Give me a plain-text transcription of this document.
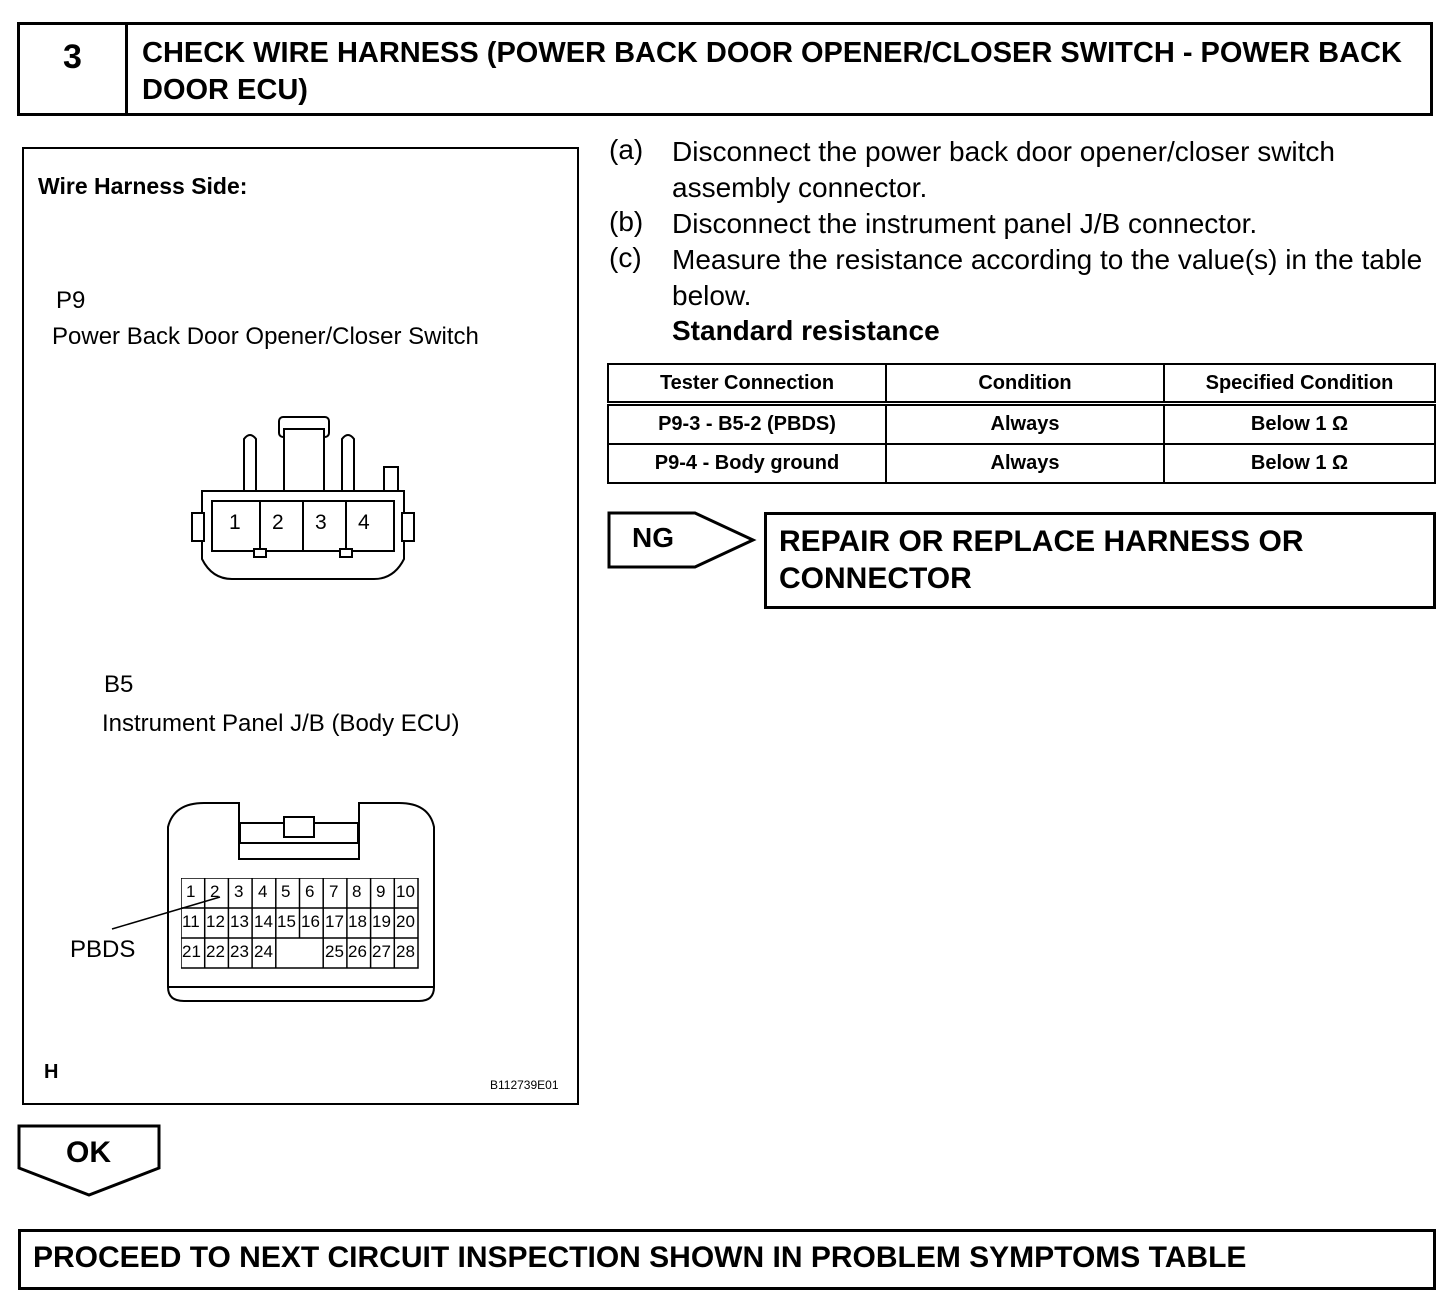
3	CHECK WIRE HARNESS (POWER BACK DOOR OPENER/CLOSER SWITCH - POWER BACK DOOR ECU)
Wire Harness Side:
P9
Power Back Door Opener/Closer Switch
B5
Instrument Panel J/B (Body ECU)
PBDS
H
B112739E01
1 2 3 4
1 2 3 4 5 6 7 8 9 10
11 12 13 14 15 16 17 18 19 20
21 22 23 24	25 26 27 28
(a) Disconnect the power back door opener/closer switch assembly connector.
(b) Disconnect the instrument panel J/B connector.
(c) Measure the resistance according to the value(s) in the table below.
Standard resistance
Tester Connection	Condition	Specified Condition
P9-3 - B5-2 (PBDS)	Always	Below 1 Ω
P9-4 - Body ground	Always	Below 1 Ω
NG	REPAIR OR REPLACE HARNESS OR CONNECTOR
OK
PROCEED TO NEXT CIRCUIT INSPECTION SHOWN IN PROBLEM SYMPTOMS TABLE
